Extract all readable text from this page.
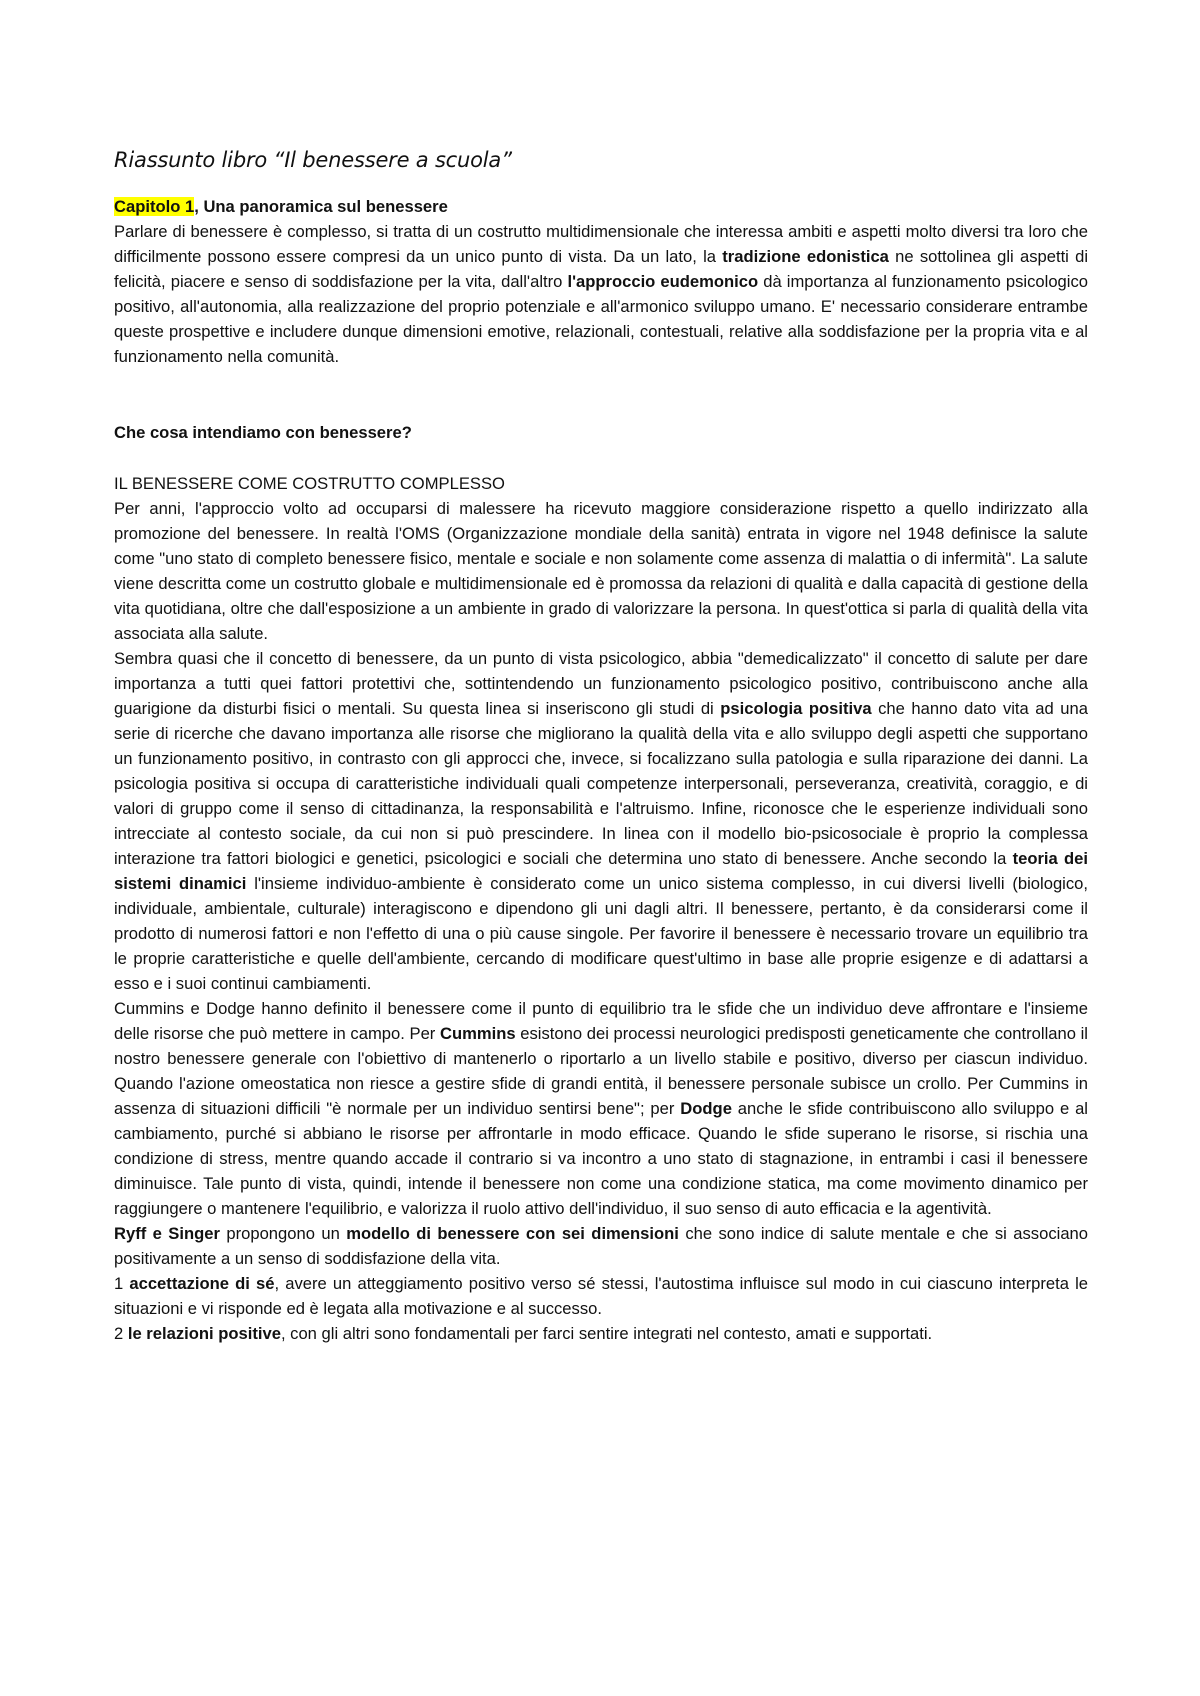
Riassunto libro “Il benessere a scuola”
Capitolo 1, Una panoramica sul benessere

Parlare di benessere è complesso, si tratta di un costrutto multidimensionale che interessa ambiti e aspetti molto diversi tra loro che difficilmente possono essere compresi da un unico punto di vista. Da un lato, la tradizione edonistica ne sottolinea gli aspetti di felicità, piacere e senso di soddisfazione per la vita, dall'altro l'approccio eudemonico dà importanza al funzionamento psicologico positivo, all'autonomia, alla realizzazione del proprio potenziale e all'armonico sviluppo umano. E' necessario considerare entrambe queste prospettive e includere dunque dimensioni emotive, relazionali, contestuali, relative alla soddisfazione per la propria vita e al funzionamento nella comunità.

Che cosa intendiamo con benessere?

IL BENESSERE COME COSTRUTTO COMPLESSO

Per anni, l'approccio volto ad occuparsi di malessere ha ricevuto maggiore considerazione rispetto a quello indirizzato alla promozione del benessere. In realtà l'OMS (Organizzazione mondiale della sanità) entrata in vigore nel 1948 definisce la salute come "uno stato di completo benessere fisico, mentale e sociale e non solamente come assenza di malattia o di infermità". La salute viene descritta come un costrutto globale e multidimensionale ed è promossa da relazioni di qualità e dalla capacità di gestione della vita quotidiana, oltre che dall'esposizione a un ambiente in grado di valorizzare la persona. In quest'ottica si parla di qualità della vita associata alla salute.

Sembra quasi che il concetto di benessere, da un punto di vista psicologico, abbia "demedicalizzato" il concetto di salute per dare importanza a tutti quei fattori protettivi che, sottintendendo un funzionamento psicologico positivo, contribuiscono anche alla guarigione da disturbi fisici o mentali. Su questa linea si inseriscono gli studi di psicologia positiva che hanno dato vita ad una serie di ricerche che davano importanza alle risorse che migliorano la qualità della vita e allo sviluppo degli aspetti che supportano un funzionamento positivo, in contrasto con gli approcci che, invece, si focalizzano sulla patologia e sulla riparazione dei danni. La psicologia positiva si occupa di caratteristiche individuali quali competenze interpersonali, perseveranza, creatività, coraggio, e di valori di gruppo come il senso di cittadinanza, la responsabilità e l'altruismo. Infine, riconosce che le esperienze individuali sono intrecciate al contesto sociale, da cui non si può prescindere. In linea con il modello bio-psicosociale è proprio la complessa interazione tra fattori biologici e genetici, psicologici e sociali che determina uno stato di benessere. Anche secondo la teoria dei sistemi dinamici l'insieme individuo-ambiente è considerato come un unico sistema complesso, in cui diversi livelli (biologico, individuale, ambientale, culturale) interagiscono e dipendono gli uni dagli altri. Il benessere, pertanto, è da considerarsi come il prodotto di numerosi fattori e non l'effetto di una o più cause singole. Per favorire il benessere è necessario trovare un equilibrio tra le proprie caratteristiche e quelle dell'ambiente, cercando di modificare quest'ultimo in base alle proprie esigenze e di adattarsi a esso e i suoi continui cambiamenti.

Cummins e Dodge hanno definito il benessere come il punto di equilibrio tra le sfide che un individuo deve affrontare e l'insieme delle risorse che può mettere in campo. Per Cummins esistono dei processi neurologici predisposti geneticamente che controllano il nostro benessere generale con l'obiettivo di mantenerlo o riportarlo a un livello stabile e positivo, diverso per ciascun individuo. Quando l'azione omeostatica non riesce a gestire sfide di grandi entità, il benessere personale subisce un crollo. Per Cummins in assenza di situazioni difficili "è normale per un individuo sentirsi bene"; per Dodge anche le sfide contribuiscono allo sviluppo e al cambiamento, purché si abbiano le risorse per affrontarle in modo efficace. Quando le sfide superano le risorse, si rischia una condizione di stress, mentre quando accade il contrario si va incontro a uno stato di stagnazione, in entrambi i casi il benessere diminuisce. Tale punto di vista, quindi, intende il benessere non come una condizione statica, ma come movimento dinamico per raggiungere o mantenere l'equilibrio, e valorizza il ruolo attivo dell'individuo, il suo senso di auto efficacia e la agentività.

Ryff e Singer propongono un modello di benessere con sei dimensioni che sono indice di salute mentale e che si associano positivamente a un senso di soddisfazione della vita.

1 accettazione di sé, avere un atteggiamento positivo verso sé stessi, l'autostima influisce sul modo in cui ciascuno interpreta le situazioni e vi risponde ed è legata alla motivazione e al successo.

2 le relazioni positive, con gli altri sono fondamentali per farci sentire integrati nel contesto, amati e supportati.
